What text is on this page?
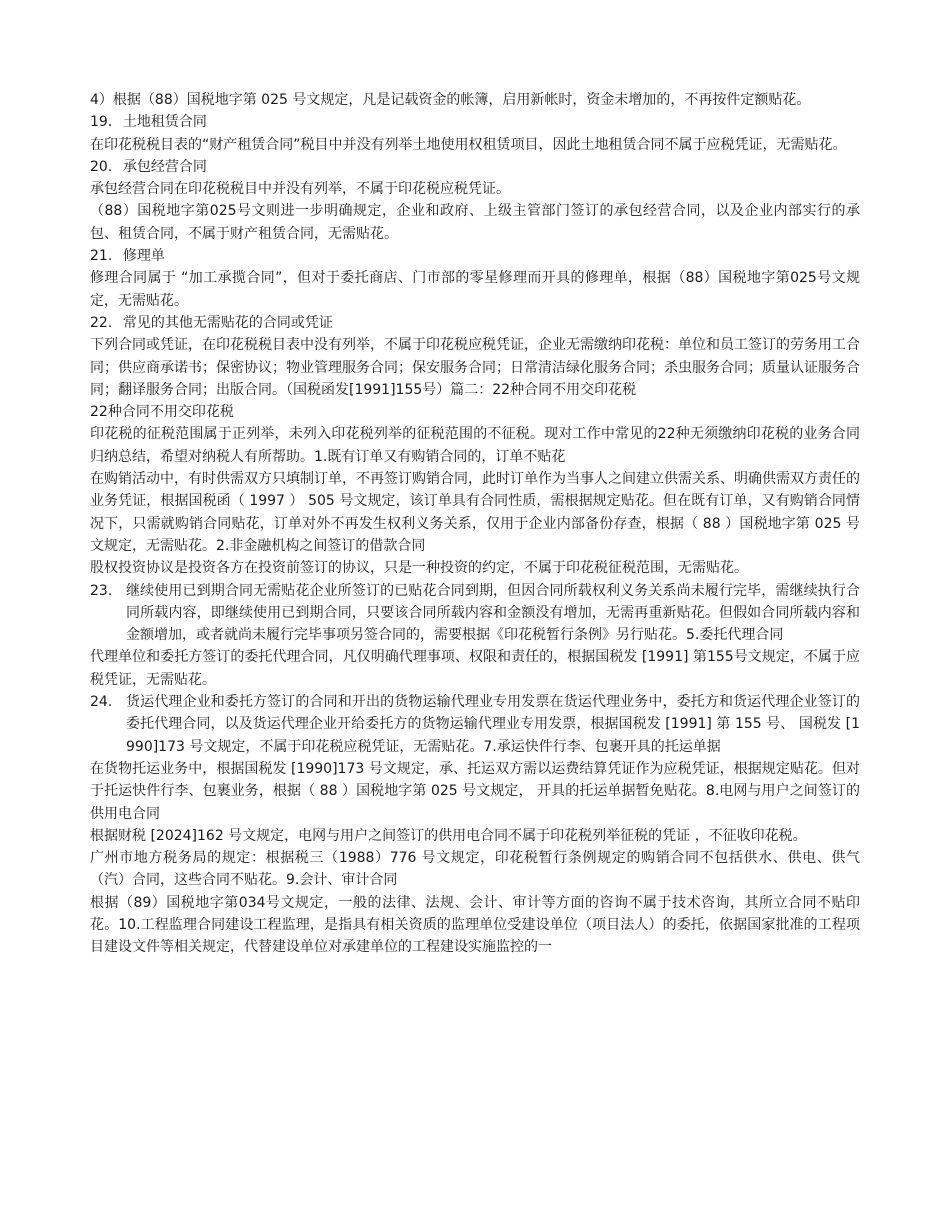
4）根据（88）国税地字第 025 号文规定，凡是记载资金的帐簿，启用新帐时，资金未增加的，不再按件定额贴花。

19. 土地租赁合同

在印花税税目表的“财产租赁合同”税目中并没有列举土地使用权租赁项目，因此土地租赁合同不属于应税凭证，无需贴花。

20. 承包经营合同

承包经营合同在印花税税目中并没有列举，不属于印花税应税凭证。

（88）国税地字第025号文则进一步明确规定，企业和政府、上级主管部门签订的承包经营合同，以及企业内部实行的承包、租赁合同，不属于财产租赁合同，无需贴花。

21. 修理单

修理合同属于 “加工承揽合同”，但对于委托商店、门市部的零星修理而开具的修理单，根据（88）国税地字第025号文规定，无需贴花。

22. 常见的其他无需贴花的合同或凭证

下列合同或凭证，在印花税税目表中没有列举，不属于印花税应税凭证，企业无需缴纳印花税：单位和员工签订的劳务用工合同；供应商承诺书；保密协议；物业管理服务合同；保安服务合同；日常清洁绿化服务合同；杀虫服务合同；质量认证服务合同；翻译服务合同；出版合同。（国税函发[1991]155号）篇二：22种合同不用交印花税

22种合同不用交印花税

印花税的征税范围属于正列举，未列入印花税列举的征税范围的不征税。现对工作中常见的22种无须缴纳印花税的业务合同归纳总结，希望对纳税人有所帮助。1.既有订单又有购销合同的，订单不贴花

在购销活动中，有时供需双方只填制订单，不再签订购销合同，此时订单作为当事人之间建立供需关系、明确供需双方责任的业务凭证，根据国税函（ 1997 ） 505 号文规定，该订单具有合同性质，需根据规定贴花。但在既有订单，又有购销合同情况下，只需就购销合同贴花，订单对外不再发生权利义务关系，仅用于企业内部备份存查，根据（ 88 ）国税地字第 025 号文规定，无需贴花。2.非金融机构之间签订的借款合同

股权投资协议是投资各方在投资前签订的协议，只是一种投资的约定，不属于印花税征税范围，无需贴花。

23. 继续使用已到期合同无需贴花企业所签订的已贴花合同到期，但因合同所载权利义务关系尚未履行完毕，需继续执行合同所载内容，即继续使用已到期合同，只要该合同所载内容和金额没有增加，无需再重新贴花。但假如合同所载内容和金额增加，或者就尚未履行完毕事项另签合同的，需要根据《印花税暂行条例》另行贴花。5.委托代理合同

代理单位和委托方签订的委托代理合同，凡仅明确代理事项、权限和责任的，根据国税发 [1991] 第155号文规定，不属于应税凭证，无需贴花。

24. 货运代理企业和委托方签订的合同和开出的货物运输代理业专用发票在货运代理业务中，委托方和货运代理企业签订的委托代理合同，以及货运代理企业开给委托方的货物运输代理业专用发票，根据国税发 [1991] 第 155 号、 国税发 [1990]173 号文规定，不属于印花税应税凭证，无需贴花。7.承运快件行李、包裹开具的托运单据

在货物托运业务中，根据国税发 [1990]173 号文规定，承、托运双方需以运费结算凭证作为应税凭证，根据规定贴花。但对于托运快件行李、包裹业务，根据（ 88 ）国税地字第 025 号文规定， 开具的托运单据暂免贴花。8.电网与用户之间签订的供用电合同

根据财税 [2024]162 号文规定，电网与用户之间签订的供用电合同不属于印花税列举征税的凭证 ，不征收印花税。

广州市地方税务局的规定：根据税三（1988）776 号文规定，印花税暂行条例规定的购销合同不包括供水、供电、供气（汽）合同，这些合同不贴花。9.会计、审计合同

根据（89）国税地字第034号文规定，一般的法律、法规、会计、审计等方面的咨询不属于技术咨询，其所立合同不贴印花。10.工程监理合同建设工程监理，是指具有相关资质的监理单位受建设单位（项目法人）的委托，依据国家批准的工程项目建设文件等相关规定，代替建设单位对承建单位的工程建设实施监控的一
